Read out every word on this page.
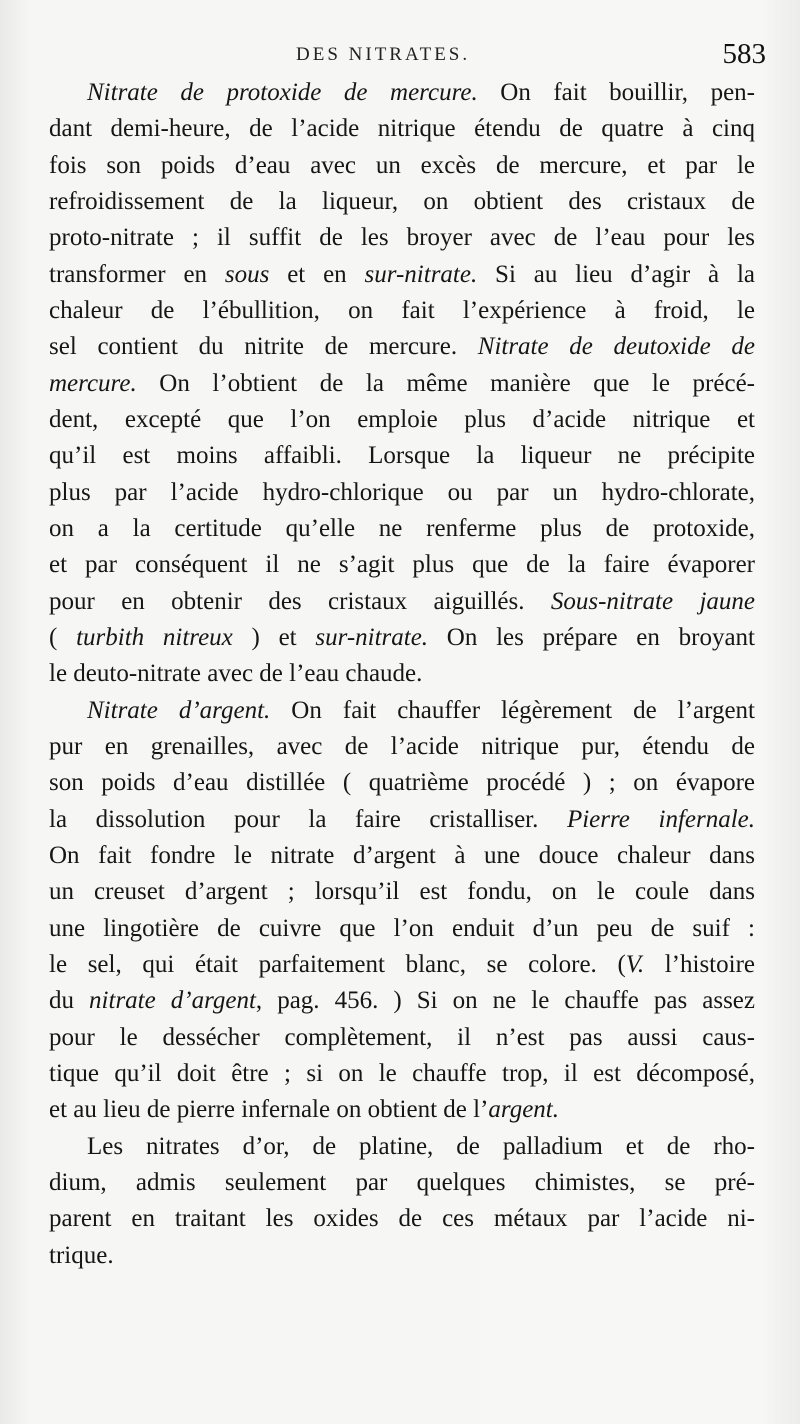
DES NITRATES.	583
Nitrate de protoxide de mercure. On fait bouillir, pen-
dant demi-heure, de l’acide nitrique étendu de quatre à cinq
fois son poids d’eau avec un excès de mercure, et par le
refroidissement de la liqueur, on obtient des cristaux de
proto-nitrate ; il suffit de les broyer avec de l’eau pour les
transformer en sous et en sur-nitrate. Si au lieu d’agir à la
chaleur de l’ébullition, on fait l’expérience à froid, le
sel contient du nitrite de mercure. Nitrate de deutoxide de
mercure. On l’obtient de la même manière que le précé-
dent, excepté que l’on emploie plus d’acide nitrique et
qu’il est moins affaibli. Lorsque la liqueur ne précipite
plus par l’acide hydro-chlorique ou par un hydro-chlorate,
on a la certitude qu’elle ne renferme plus de protoxide,
et par conséquent il ne s’agit plus que de la faire évaporer
pour en obtenir des cristaux aiguillés. Sous-nitrate jaune
( turbith nitreux ) et sur-nitrate. On les prépare en broyant
le deuto-nitrate avec de l’eau chaude.
Nitrate d’argent. On fait chauffer légèrement de l’argent
pur en grenailles, avec de l’acide nitrique pur, étendu de
son poids d’eau distillée ( quatrième procédé ) ; on évapore
la dissolution pour la faire cristalliser. Pierre infernale.
On fait fondre le nitrate d’argent à une douce chaleur dans
un creuset d’argent ; lorsqu’il est fondu, on le coule dans
une lingotière de cuivre que l’on enduit d’un peu de suif :
le sel, qui était parfaitement blanc, se colore. (V. l’histoire
du nitrate d’argent, pag. 456. ) Si on ne le chauffe pas assez
pour le dessécher complètement, il n’est pas aussi caus-
tique qu’il doit être ; si on le chauffe trop, il est décomposé,
et au lieu de pierre infernale on obtient de l’argent.
Les nitrates d’or, de platine, de palladium et de rho-
dium, admis seulement par quelques chimistes, se pré-
parent en traitant les oxides de ces métaux par l’acide ni-
trique.
